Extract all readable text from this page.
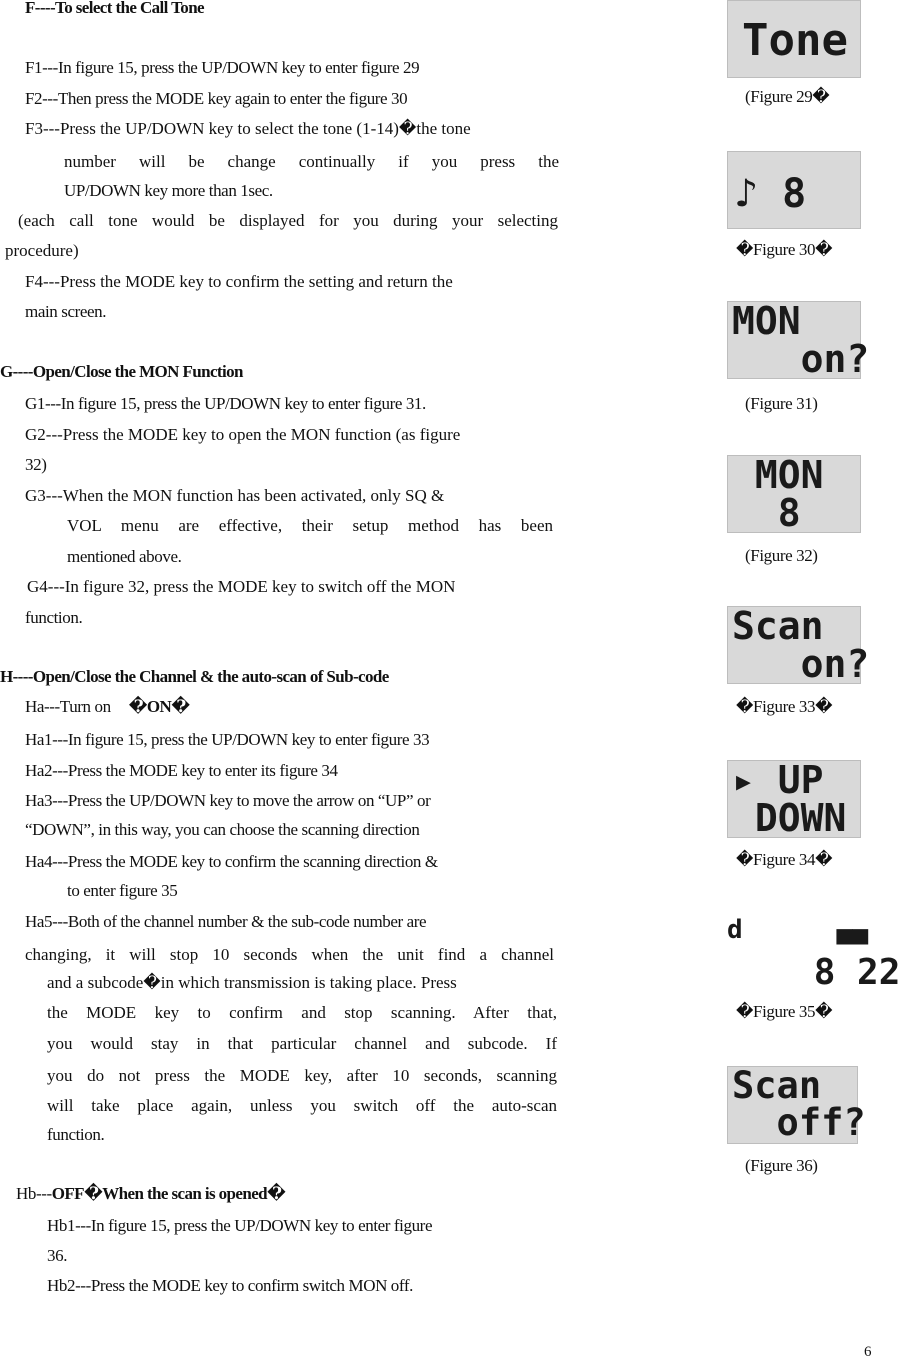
F----To select the Call Tone
F1---In figure 15, press the UP/DOWN key to enter figure 29
F2---Then press the MODE key again to enter the figure 30
F3---Press the UP/DOWN key to select the tone (1-14)�the tone
number will be change continually if you press the
UP/DOWN key more than 1sec.
(each call tone would be displayed for you during your selecting
procedure)
F4---Press the MODE key to confirm the setting and return the
main screen.
G----Open/Close the MON Function
G1---In figure 15, press the UP/DOWN key to enter figure 31.
G2---Press the MODE key to open the MON function (as figure
32)
G3---When the MON function has been activated, only SQ &
VOL menu are effective, their setup method has been
mentioned above.
G4---In figure 32, press the MODE key to switch off the MON
function.
H----Open/Close the Channel & the auto-scan of Sub-code
Ha---Turn on �ON�
Ha1---In figure 15, press the UP/DOWN key to enter figure 33
Ha2---Press the MODE key to enter its figure 34
Ha3---Press the UP/DOWN key to move the arrow on “UP” or
“DOWN”, in this way, you can choose the scanning direction
Ha4---Press the MODE key to confirm the scanning direction &
to enter figure 35
Ha5---Both of the channel number & the sub-code number are
changing, it will stop 10 seconds when the unit find a channel
and a subcode�in which transmission is taking place. Press
the MODE key to confirm and stop scanning. After that,
you would stay in that particular channel and subcode. If
you do not press the MODE key, after 10 seconds, scanning
will take place again, unless you switch off the auto-scan
function.
Hb---OFF�When the scan is opened�
Hb1---In figure 15, press the UP/DOWN key to enter figure
36.
Hb2---Press the MODE key to confirm switch MON off.
6
Tone
(Figure 29�
♪ 8
�Figure 30�
MON
on?
(Figure 31)
MON
8
(Figure 32)
Scan
on?
�Figure 33�
▸ UP
DOWN
�Figure 34�
d      ▄▄
8 22
�Figure 35�
Scan
off?
(Figure 36)
